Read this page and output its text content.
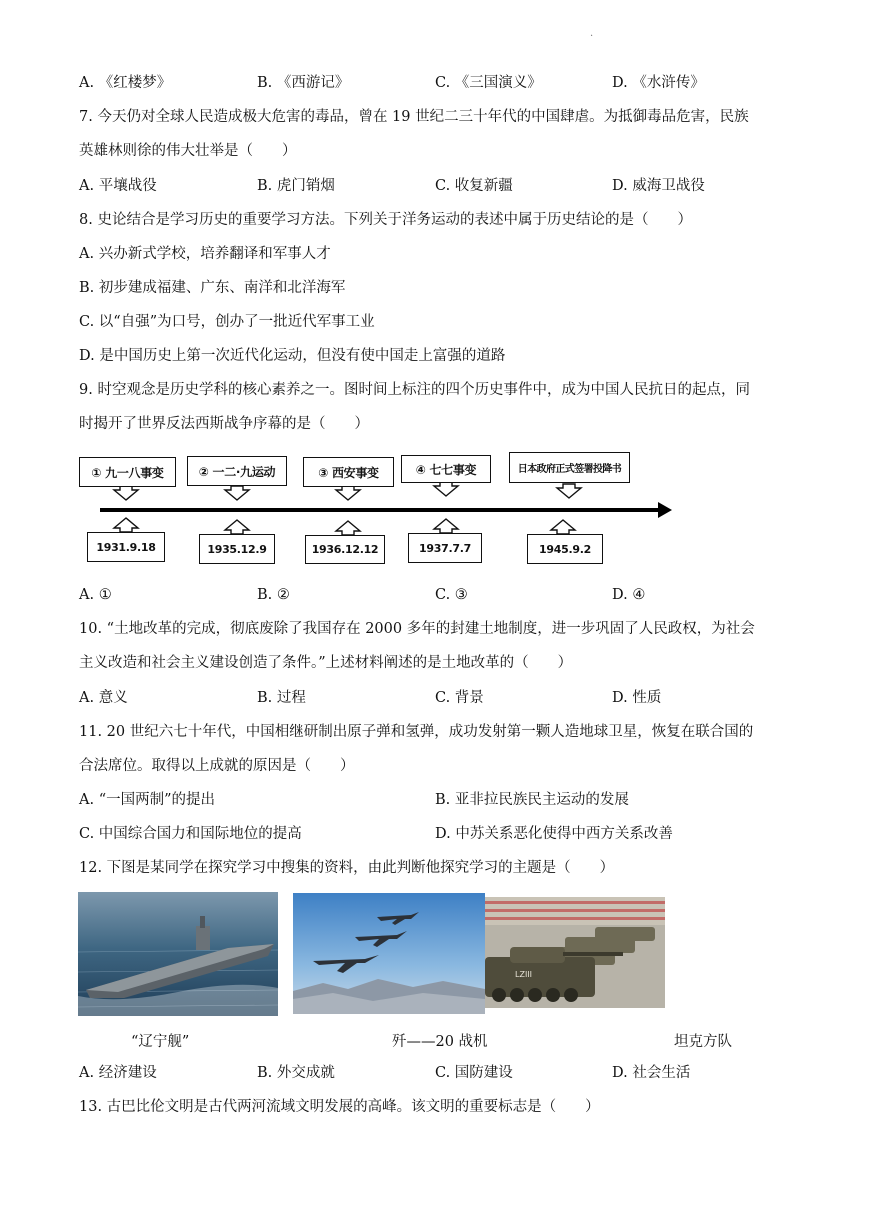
.
A. 《红楼梦》	B. 《西游记》	C. 《三国演义》	D. 《水浒传》
7. 今天仍对全球人民造成极大危害的毒品，曾在 19 世纪二三十年代的中国肆虐。为抵御毒品危害，民族
英雄林则徐的伟大壮举是（　　）
A. 平壤战役	B. 虎门销烟	C. 收复新疆	D. 威海卫战役
8. 史论结合是学习历史的重要学习方法。下列关于洋务运动的表述中属于历史结论的是（　　）
A. 兴办新式学校，培养翻译和军事人才
B. 初步建成福建、广东、南洋和北洋海军
C. 以“自强”为口号，创办了一批近代军事工业
D. 是中国历史上第一次近代化运动，但没有使中国走上富强的道路
9. 时空观念是历史学科的核心素养之一。图时间上标注的四个历史事件中，成为中国人民抗日的起点，同
时揭开了世界反法西斯战争序幕的是（　　）
① 九一八事变	② 一二·九运动	③ 西安事变	④ 七七事变	日本政府正式签署投降书
1931.9.18	1935.12.9	1936.12.12	1937.7.7	1945.9.2
A. ①	B. ②	C. ③	D. ④
10. “土地改革的完成，彻底废除了我国存在 2000 多年的封建土地制度，进一步巩固了人民政权，为社会
主义改造和社会主义建设创造了条件。”上述材料阐述的是土地改革的（　　）
A. 意义	B. 过程	C. 背景	D. 性质
11. 20 世纪六七十年代，中国相继研制出原子弹和氢弹，成功发射第一颗人造地球卫星，恢复在联合国的
合法席位。取得以上成就的原因是（　　）
A. “一国两制”的提出	B. 亚非拉民族民主运动的发展
C. 中国综合国力和国际地位的提高	D. 中苏关系恶化使得中西方关系改善
12. 下图是某同学在探究学习中搜集的资料，由此判断他探究学习的主题是（　　）
LZIII
“辽宁舰”	歼——20 战机	坦克方队
A. 经济建设	B. 外交成就	C. 国防建设	D. 社会生活
13. 古巴比伦文明是古代两河流域文明发展的高峰。该文明的重要标志是（　　）
